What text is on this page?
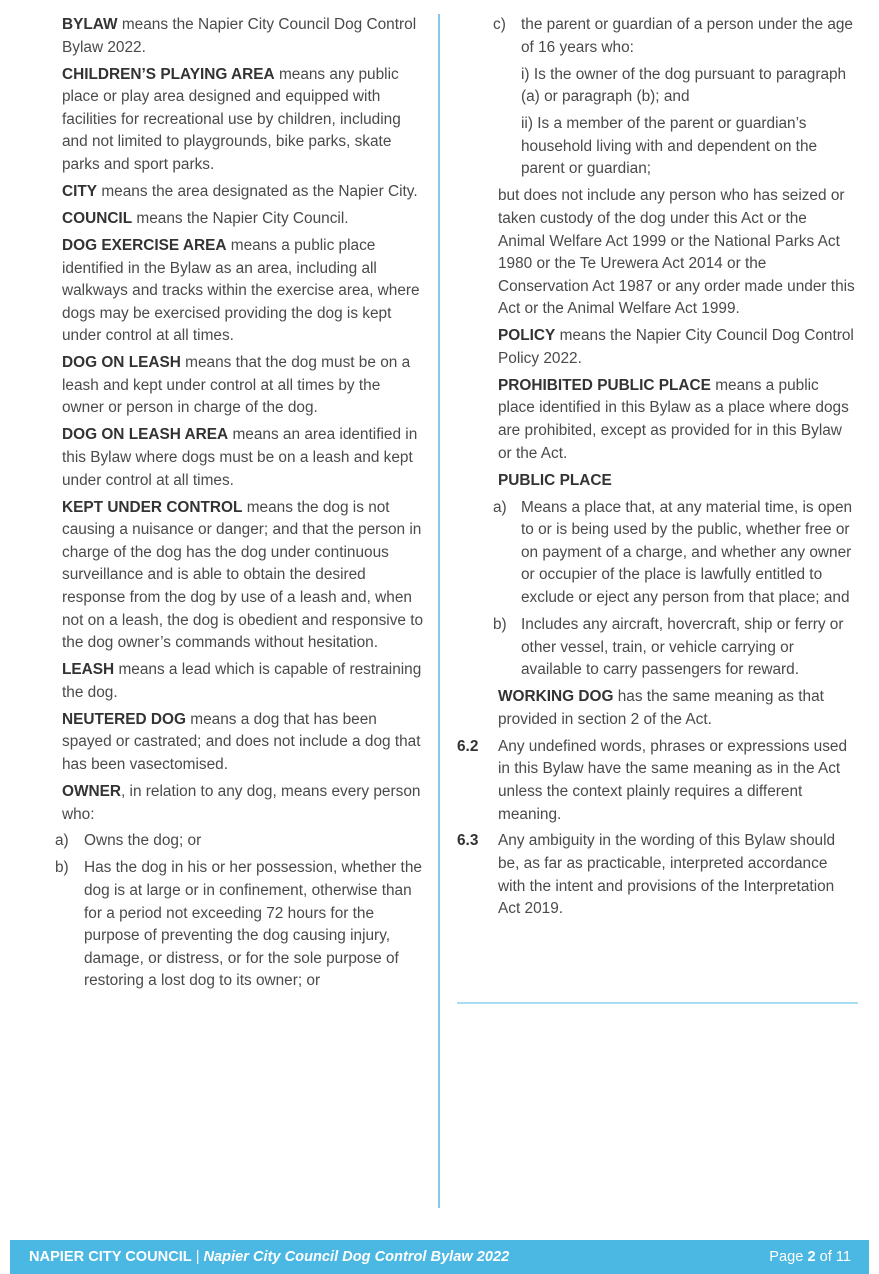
BYLAW means the Napier City Council Dog Control Bylaw 2022.

CHILDREN’S PLAYING AREA means any public place or play area designed and equipped with facilities for recreational use by children, including and not limited to playgrounds, bike parks, skate parks and sport parks.

CITY means the area designated as the Napier City.

COUNCIL means the Napier City Council.

DOG EXERCISE AREA means a public place identified in the Bylaw as an area, including all walkways and tracks within the exercise area, where dogs may be exercised providing the dog is kept under control at all times.

DOG ON LEASH means that the dog must be on a leash and kept under control at all times by the owner or person in charge of the dog.

DOG ON LEASH AREA means an area identified in this Bylaw where dogs must be on a leash and kept under control at all times.

KEPT UNDER CONTROL means the dog is not causing a nuisance or danger; and that the person in charge of the dog has the dog under continuous surveillance and is able to obtain the desired response from the dog by use of a leash and, when not on a leash, the dog is obedient and responsive to the dog owner’s commands without hesitation.

LEASH means a lead which is capable of restraining the dog.

NEUTERED DOG means a dog that has been spayed or castrated; and does not include a dog that has been vasectomised.

OWNER, in relation to any dog, means every person who:

a) Owns the dog; or
b) Has the dog in his or her possession, whether the dog is at large or in confinement, otherwise than for a period not exceeding 72 hours for the purpose of preventing the dog causing injury, damage, or distress, or for the sole purpose of restoring a lost dog to its owner; or
c) the parent or guardian of a person under the age of 16 years who:

i) Is the owner of the dog pursuant to paragraph (a) or paragraph (b); and

ii) Is a member of the parent or guardian’s household living with and dependent on the parent or guardian;

but does not include any person who has seized or taken custody of the dog under this Act or the Animal Welfare Act 1999 or the National Parks Act 1980 or the Te Urewera Act 2014 or the Conservation Act 1987 or any order made under this Act or the Animal Welfare Act 1999.

POLICY means the Napier City Council Dog Control Policy 2022.

PROHIBITED PUBLIC PLACE means a public place identified in this Bylaw as a place where dogs are prohibited, except as provided for in this Bylaw or the Act.

PUBLIC PLACE

a) Means a place that, at any material time, is open to or is being used by the public, whether free or on payment of a charge, and whether any owner or occupier of the place is lawfully entitled to exclude or eject any person from that place; and
b) Includes any aircraft, hovercraft, ship or ferry or other vessel, train, or vehicle carrying or available to carry passengers for reward.

WORKING DOG has the same meaning as that provided in section 2 of the Act.

6.2 Any undefined words, phrases or expressions used in this Bylaw have the same meaning as in the Act unless the context plainly requires a different meaning.
6.3 Any ambiguity in the wording of this Bylaw should be, as far as practicable, interpreted accordance with the intent and provisions of the Interpretation Act 2019.
NAPIER CITY COUNCIL | Napier City Council Dog Control Bylaw 2022	Page 2 of 11
